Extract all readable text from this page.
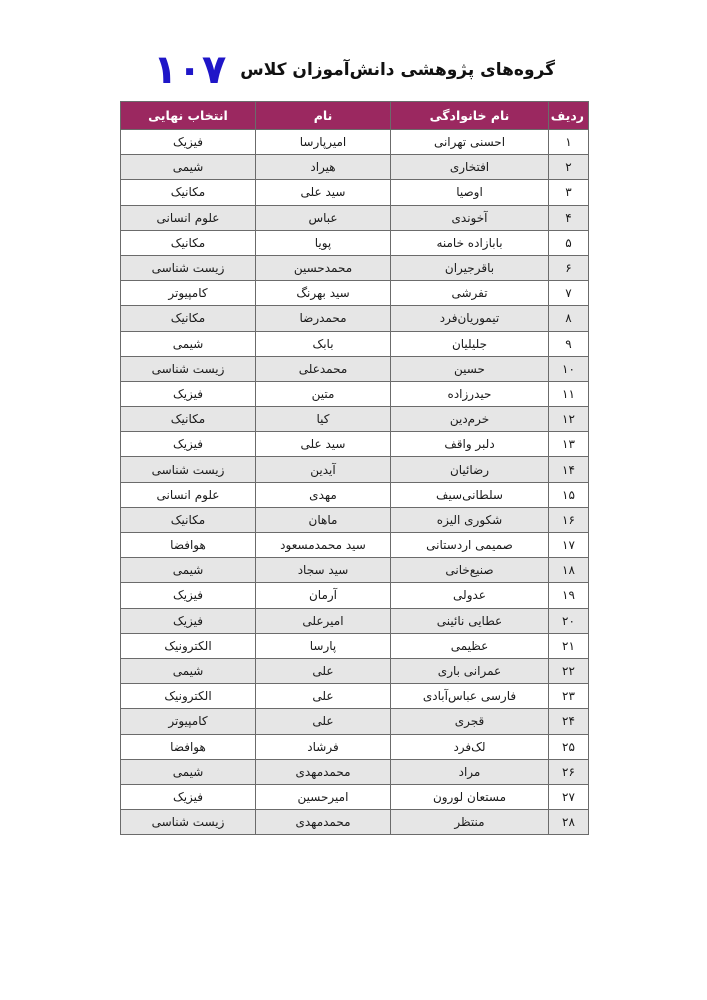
گروه‌های پژوهشی دانش‌آموزان کلاس
۱۰۷
ردیف	نام خانوادگی	نام	انتخاب نهایی
۱	احسنی تهرانی	امیرپارسا	فیزیک
۲	افتخاری	هیراد	شیمی
۳	اوصیا	سید علی	مکانیک
۴	آخوندی	عباس	علوم انسانی
۵	بابازاده خامنه	پویا	مکانیک
۶	باقرجیران	محمدحسین	زیست شناسی
۷	تفرشی	سید بهرنگ	کامپیوتر
۸	تیموریان‌فرد	محمدرضا	مکانیک
۹	جلیلیان	بابک	شیمی
۱۰	حسین	محمدعلی	زیست شناسی
۱۱	حیدرزاده	متین	فیزیک
۱۲	خرم‌دین	کیا	مکانیک
۱۳	دلبر واقف	سید علی	فیزیک
۱۴	رضائیان	آیدین	زیست شناسی
۱۵	سلطانی‌سیف	مهدی	علوم انسانی
۱۶	شکوری الیزه	ماهان	مکانیک
۱۷	صمیمی اردستانی	سید محمدمسعود	هوافضا
۱۸	صنیع‌خانی	سید سجاد	شیمی
۱۹	عدولی	آرمان	فیزیک
۲۰	عطایی نائینی	امیرعلی	فیزیک
۲۱	عظیمی	پارسا	الکترونیک
۲۲	عمرانی باری	علی	شیمی
۲۳	فارسی عباس‌آبادی	علی	الکترونیک
۲۴	قجری	علی	کامپیوتر
۲۵	لک‌فرد	فرشاد	هوافضا
۲۶	مراد	محمدمهدی	شیمی
۲۷	مستعان لورون	امیرحسین	فیزیک
۲۸	منتظر	محمدمهدی	زیست شناسی
